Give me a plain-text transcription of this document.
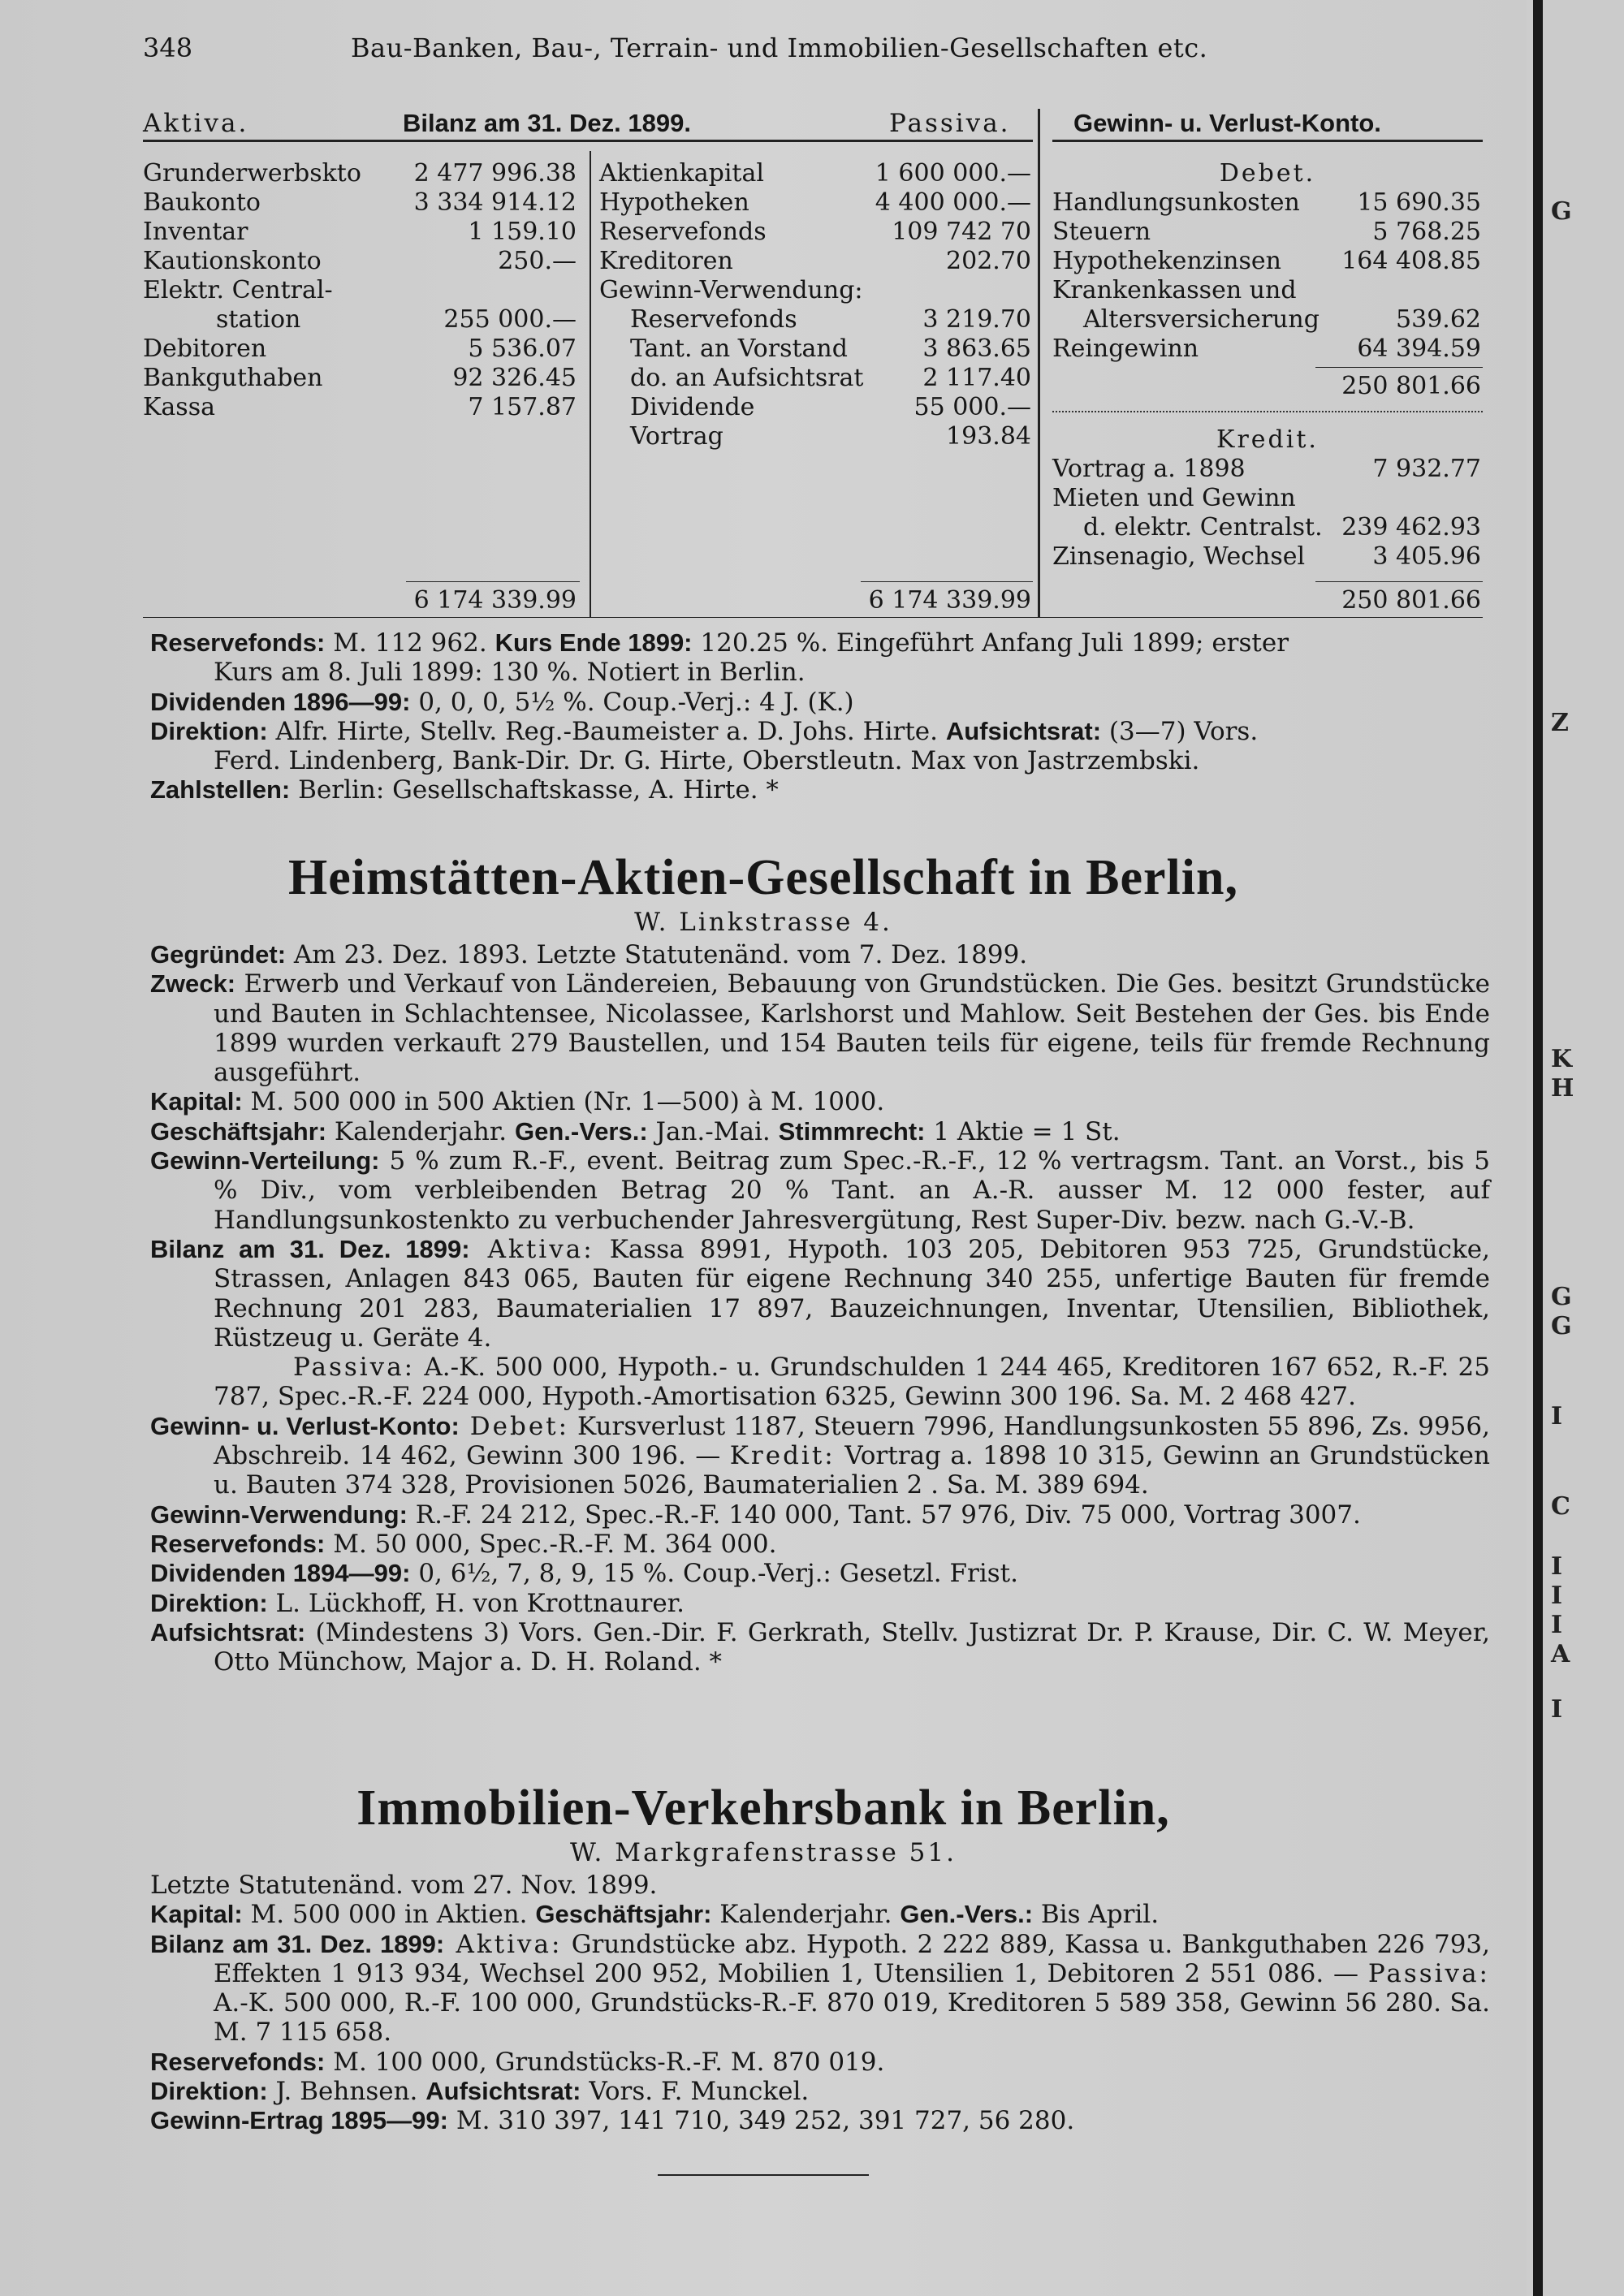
G
Z
K
H
G
G
I
C
I
I
I
A
I
348	Bau-Banken, Bau-, Terrain- und Immobilien-Gesellschaften etc.
Aktiva.	Bilanz am 31. Dez. 1899.	Passiva. Gewinn- u. Verlust-Konto.
Grunderwerbskto	2 477 996.38
Baukonto	3 334 914.12
Inventar	1 159.10
Kautionskonto	250.—
Elektr. Central-
station	255 000.—
Debitoren	5 536.07
Bankguthaben	92 326.45
Kassa	7 157.87
6 174 339.99
Aktienkapital	1 600 000.—
Hypotheken	4 400 000.—
Reservefonds	109 742 70
Kreditoren	202.70
Gewinn-Verwendung:
Reservefonds	3 219.70
Tant. an Vorstand	3 863.65
do. an Aufsichtsrat	2 117.40
Dividende	55 000.—
Vortrag	193.84
6 174 339.99
Debet.
Handlungsunkosten	15 690.35
Steuern	5 768.25
Hypothekenzinsen	164 408.85
Krankenkassen und
Altersversicherung	539.62
Reingewinn	64 394.59
250 801.66
Kredit.
Vortrag a. 1898	7 932.77
Mieten und Gewinn
d. elektr. Centralst. 239 462.93
Zinsenagio, Wechsel	3 405.96
250 801.66
Reservefonds: M. 112 962. Kurs Ende 1899: 120.25 %. Eingeführt Anfang Juli 1899; erster
Kurs am 8. Juli 1899: 130 %. Notiert in Berlin.
Dividenden 1896—99: 0, 0, 0, 5½ %. Coup.-Verj.: 4 J. (K.)
Direktion: Alfr. Hirte, Stellv. Reg.-Baumeister a. D. Johs. Hirte. Aufsichtsrat: (3—7) Vors.
Ferd. Lindenberg, Bank-Dir. Dr. G. Hirte, Oberstleutn. Max von Jastrzembski.
Zahlstellen: Berlin: Gesellschaftskasse, A. Hirte. *
Heimstätten-Aktien-Gesellschaft in Berlin,
W. Linkstrasse 4.
Gegründet: Am 23. Dez. 1893. Letzte Statutenänd. vom 7. Dez. 1899.
Zweck: Erwerb und Verkauf von Ländereien, Bebauung von Grundstücken. Die Ges. besitzt Grundstücke und Bauten in Schlachtensee, Nicolassee, Karlshorst und Mahlow. Seit Bestehen der Ges. bis Ende 1899 wurden verkauft 279 Baustellen, und 154 Bauten teils für eigene, teils für fremde Rechnung ausgeführt.
Kapital: M. 500 000 in 500 Aktien (Nr. 1—500) à M. 1000.
Geschäftsjahr: Kalenderjahr. Gen.-Vers.: Jan.-Mai. Stimmrecht: 1 Aktie = 1 St.
Gewinn-Verteilung: 5 % zum R.-F., event. Beitrag zum Spec.-R.-F., 12 % vertragsm. Tant. an Vorst., bis 5 % Div., vom verbleibenden Betrag 20 % Tant. an A.-R. ausser M. 12 000 fester, auf Handlungsunkostenkto zu verbuchender Jahresvergütung, Rest Super-Div. bezw. nach G.-V.-B.
Bilanz am 31. Dez. 1899: Aktiva: Kassa 8991, Hypoth. 103 205, Debitoren 953 725, Grundstücke, Strassen, Anlagen 843 065, Bauten für eigene Rechnung 340 255, unfertige Bauten für fremde Rechnung 201 283, Baumaterialien 17 897, Bauzeichnungen, Inventar, Utensilien, Bibliothek, Rüstzeug u. Geräte 4.
Passiva: A.-K. 500 000, Hypoth.- u. Grundschulden 1 244 465, Kreditoren 167 652, R.-F. 25 787, Spec.-R.-F. 224 000, Hypoth.-Amortisation 6325, Gewinn 300 196. Sa. M. 2 468 427.
Gewinn- u. Verlust-Konto: Debet: Kursverlust 1187, Steuern 7996, Handlungsunkosten 55 896, Zs. 9956, Abschreib. 14 462, Gewinn 300 196. — Kredit: Vortrag a. 1898 10 315, Gewinn an Grundstücken u. Bauten 374 328, Provisionen 5026, Baumaterialien 2 . Sa. M. 389 694.
Gewinn-Verwendung: R.-F. 24 212, Spec.-R.-F. 140 000, Tant. 57 976, Div. 75 000, Vortrag 3007.
Reservefonds: M. 50 000, Spec.-R.-F. M. 364 000.
Dividenden 1894—99: 0, 6½, 7, 8, 9, 15 %. Coup.-Verj.: Gesetzl. Frist.
Direktion: L. Lückhoff, H. von Krottnaurer.
Aufsichtsrat: (Mindestens 3) Vors. Gen.-Dir. F. Gerkrath, Stellv. Justizrat Dr. P. Krause, Dir. C. W. Meyer, Otto Münchow, Major a. D. H. Roland. *
Immobilien-Verkehrsbank in Berlin,
W. Markgrafenstrasse 51.
Letzte Statutenänd. vom 27. Nov. 1899.
Kapital: M. 500 000 in Aktien. Geschäftsjahr: Kalenderjahr. Gen.-Vers.: Bis April.
Bilanz am 31. Dez. 1899: Aktiva: Grundstücke abz. Hypoth. 2 222 889, Kassa u. Bankguthaben 226 793, Effekten 1 913 934, Wechsel 200 952, Mobilien 1, Utensilien 1, Debitoren 2 551 086. — Passiva: A.-K. 500 000, R.-F. 100 000, Grundstücks-R.-F. 870 019, Kreditoren 5 589 358, Gewinn 56 280. Sa. M. 7 115 658.
Reservefonds: M. 100 000, Grundstücks-R.-F. M. 870 019.
Direktion: J. Behnsen. Aufsichtsrat: Vors. F. Munckel.
Gewinn-Ertrag 1895—99: M. 310 397, 141 710, 349 252, 391 727, 56 280.
